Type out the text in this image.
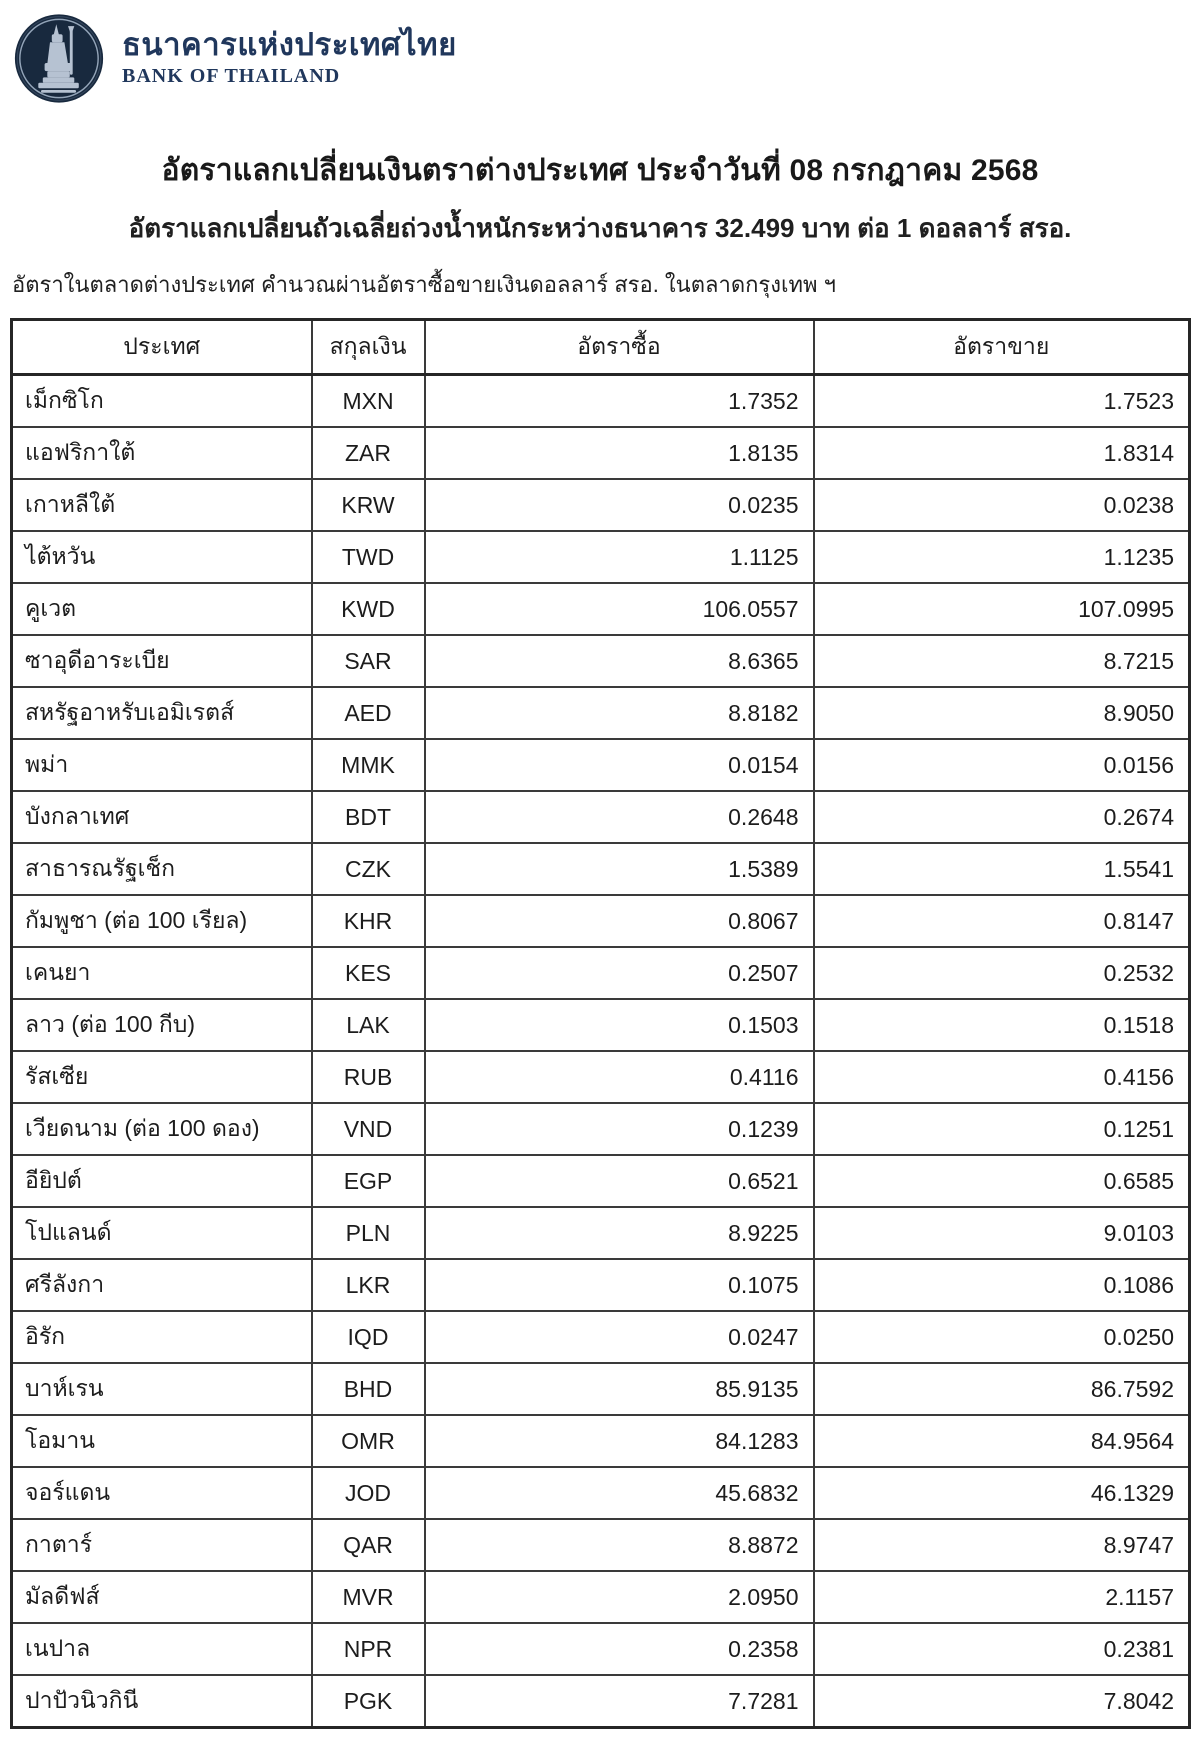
ธนาคารแห่งประเทศไทย
BANK OF THAILAND
อัตราแลกเปลี่ยนเงินตราต่างประเทศ ประจำวันที่ 08 กรกฎาคม 2568
อัตราแลกเปลี่ยนถัวเฉลี่ยถ่วงน้ำหนักระหว่างธนาคาร 32.499 บาท ต่อ 1 ดอลลาร์ สรอ.
อัตราในตลาดต่างประเทศ คำนวณผ่านอัตราซื้อขายเงินดอลลาร์ สรอ. ในตลาดกรุงเทพ ฯ
ประเทศ	สกุลเงิน	อัตราซื้อ	อัตราขาย
เม็กซิโก	MXN	1.7352	1.7523
แอฟริกาใต้	ZAR	1.8135	1.8314
เกาหลีใต้	KRW	0.0235	0.0238
ไต้หวัน	TWD	1.1125	1.1235
คูเวต	KWD	106.0557	107.0995
ซาอุดีอาระเบีย	SAR	8.6365	8.7215
สหรัฐอาหรับเอมิเรตส์	AED	8.8182	8.9050
พม่า	MMK	0.0154	0.0156
บังกลาเทศ	BDT	0.2648	0.2674
สาธารณรัฐเช็ก	CZK	1.5389	1.5541
กัมพูชา (ต่อ 100 เรียล)	KHR	0.8067	0.8147
เคนยา	KES	0.2507	0.2532
ลาว (ต่อ 100 กีบ)	LAK	0.1503	0.1518
รัสเซีย	RUB	0.4116	0.4156
เวียดนาม (ต่อ 100 ดอง)	VND	0.1239	0.1251
อียิปต์	EGP	0.6521	0.6585
โปแลนด์	PLN	8.9225	9.0103
ศรีลังกา	LKR	0.1075	0.1086
อิรัก	IQD	0.0247	0.0250
บาห์เรน	BHD	85.9135	86.7592
โอมาน	OMR	84.1283	84.9564
จอร์แดน	JOD	45.6832	46.1329
กาตาร์	QAR	8.8872	8.9747
มัลดีฟส์	MVR	2.0950	2.1157
เนปาล	NPR	0.2358	0.2381
ปาปัวนิวกินี	PGK	7.7281	7.8042
